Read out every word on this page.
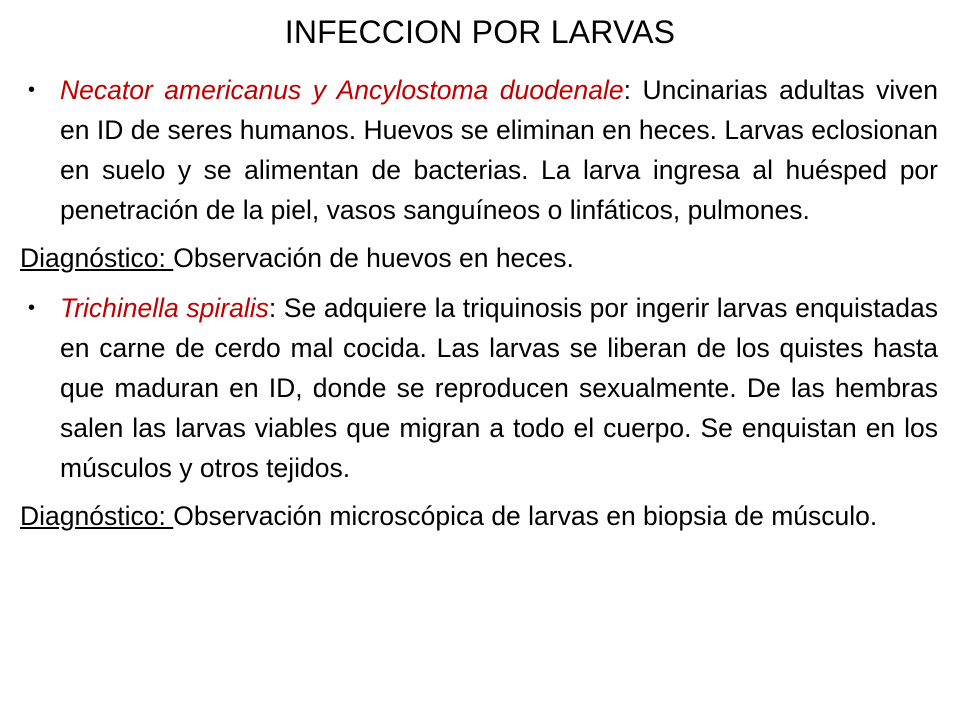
INFECCION POR LARVAS
• Necator americanus y Ancylostoma duodenale: Uncinarias adultas viven en ID de seres humanos. Huevos se eliminan en heces. Larvas eclosionan en suelo y se alimentan de bacterias. La larva ingresa al huésped por penetración de la piel, vasos sanguíneos o linfáticos, pulmones.

Diagnóstico: Observación de huevos en heces.
• Trichinella spiralis: Se adquiere la triquinosis por ingerir larvas enquistadas en carne de cerdo mal cocida. Las larvas se liberan de los quistes hasta que maduran en ID, donde se reproducen sexualmente. De las hembras salen las larvas viables que migran a todo el cuerpo. Se enquistan en los músculos y otros tejidos.

Diagnóstico: Observación microscópica de larvas en biopsia de músculo.
